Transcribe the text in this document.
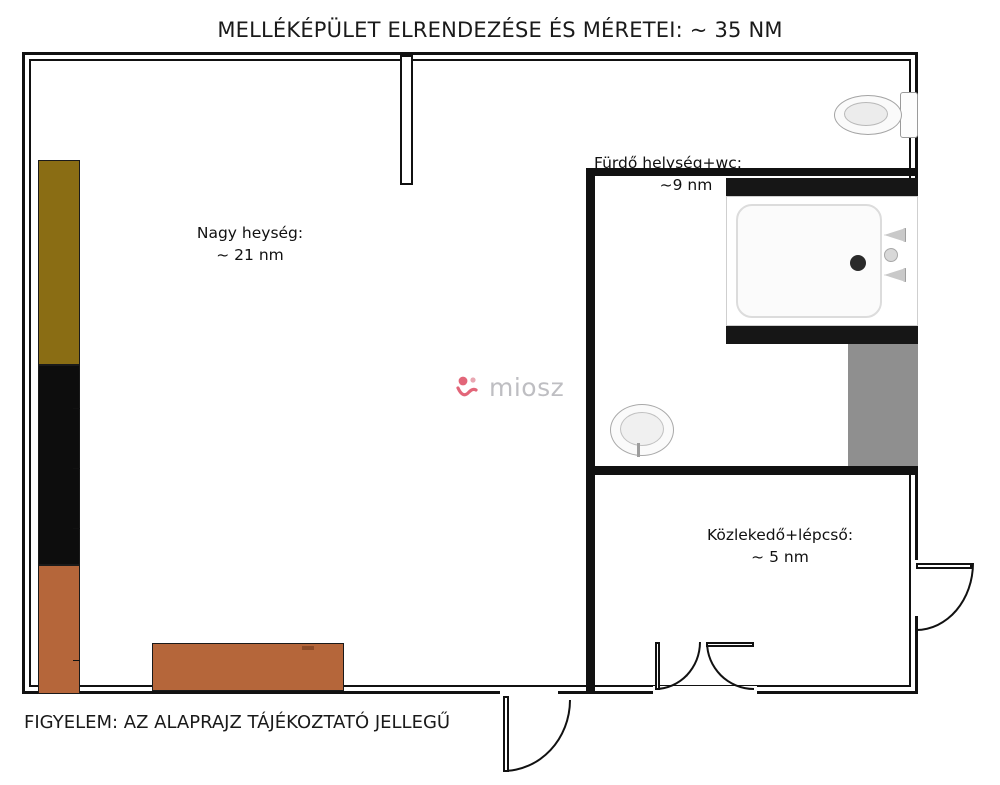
MELLÉKÉPÜLET ELRENDEZÉSE ÉS MÉRETEI: ~ 35 NM
Nagy heység:
~ 21 nm
Fürdő helység+wc:
~9 nm
Közlekedő+lépcső:
~ 5 nm
miosz
FIGYELEM: AZ ALAPRAJZ TÁJÉKOZTATÓ JELLEGŰ
